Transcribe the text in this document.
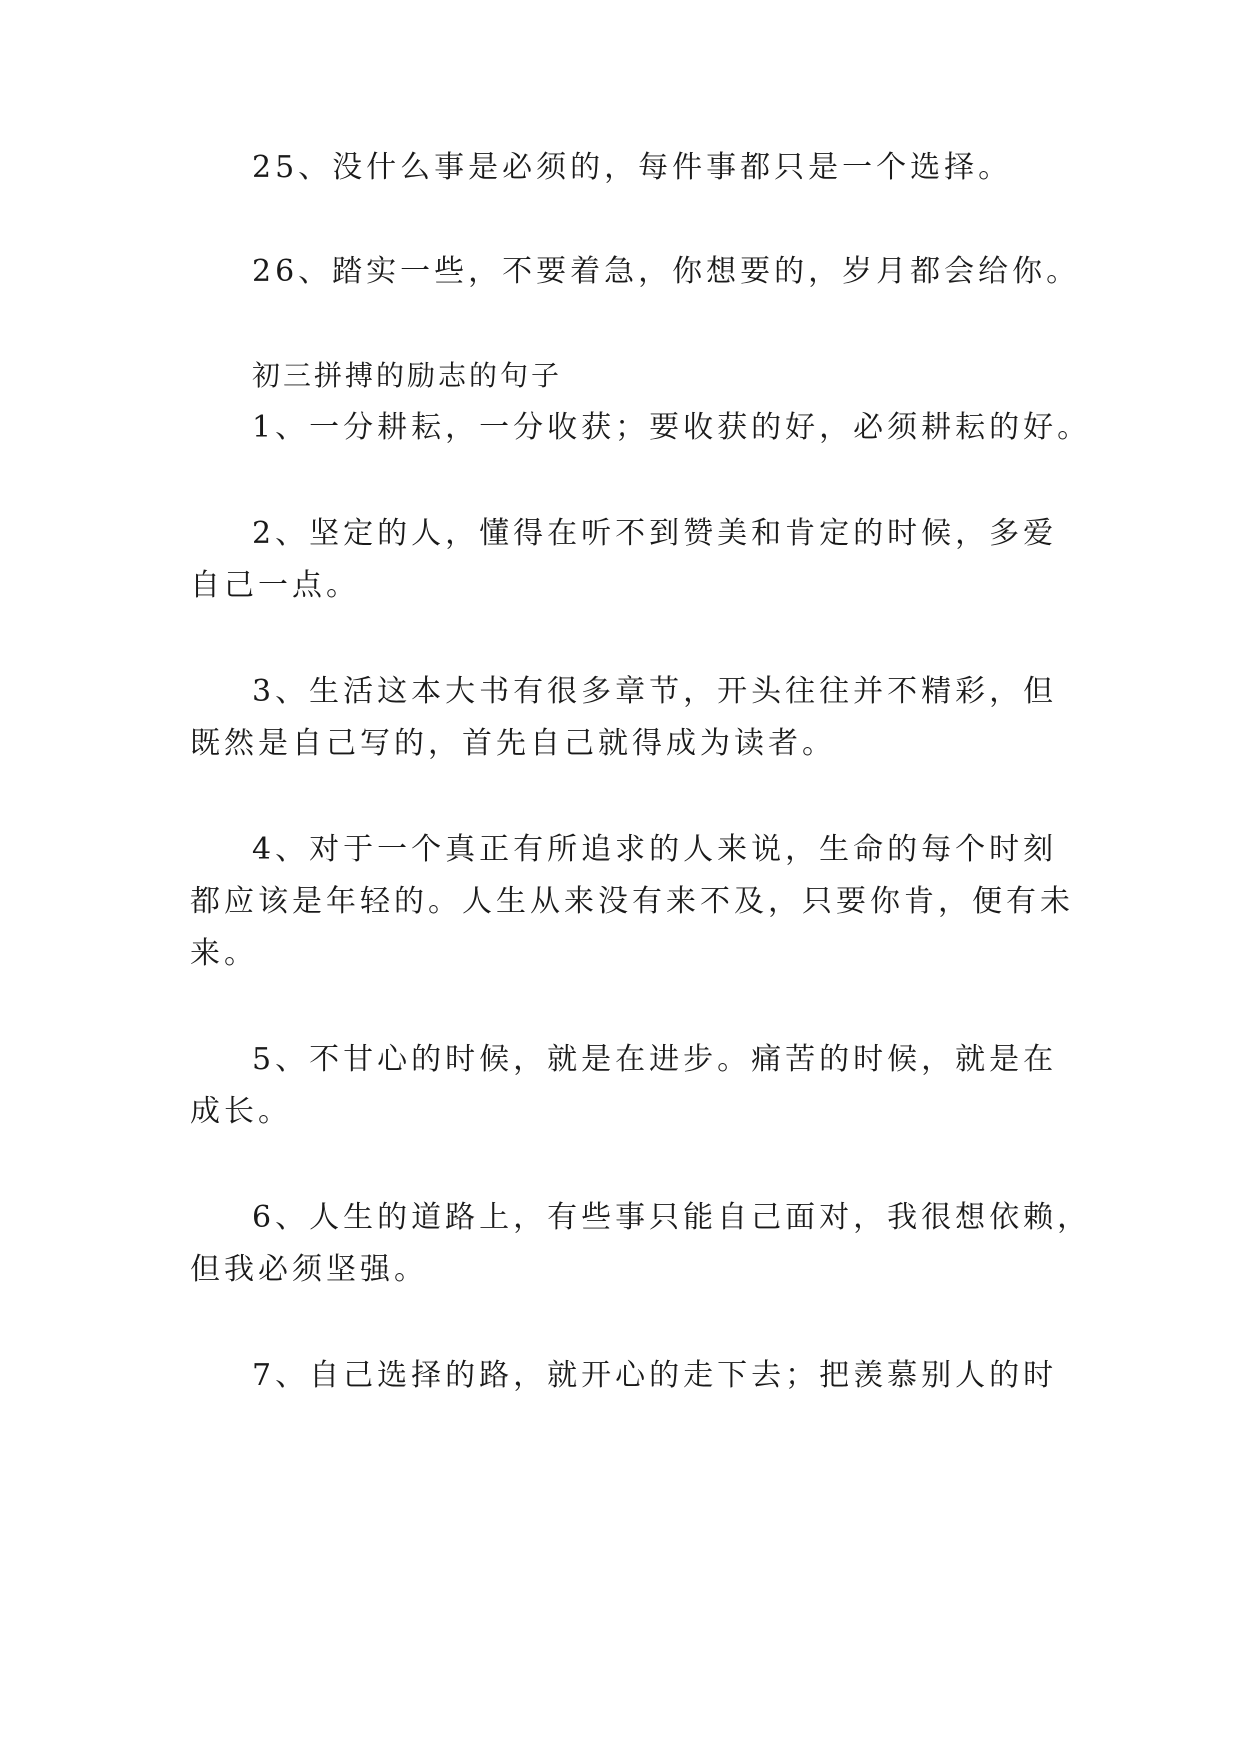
25、没什么事是必须的，每件事都只是一个选择。
26、踏实一些，不要着急，你想要的，岁月都会给你。
初三拼搏的励志的句子
1、一分耕耘，一分收获；要收获的好，必须耕耘的好。
2、坚定的人，懂得在听不到赞美和肯定的时候，多爱
自己一点。
3、生活这本大书有很多章节，开头往往并不精彩，但
既然是自己写的，首先自己就得成为读者。
4、对于一个真正有所追求的人来说，生命的每个时刻
都应该是年轻的。人生从来没有来不及，只要你肯，便有未
来。
5、不甘心的时候，就是在进步。痛苦的时候，就是在
成长。
6、人生的道路上，有些事只能自己面对，我很想依赖，
但我必须坚强。
7、自己选择的路，就开心的走下去；把羡慕别人的时
